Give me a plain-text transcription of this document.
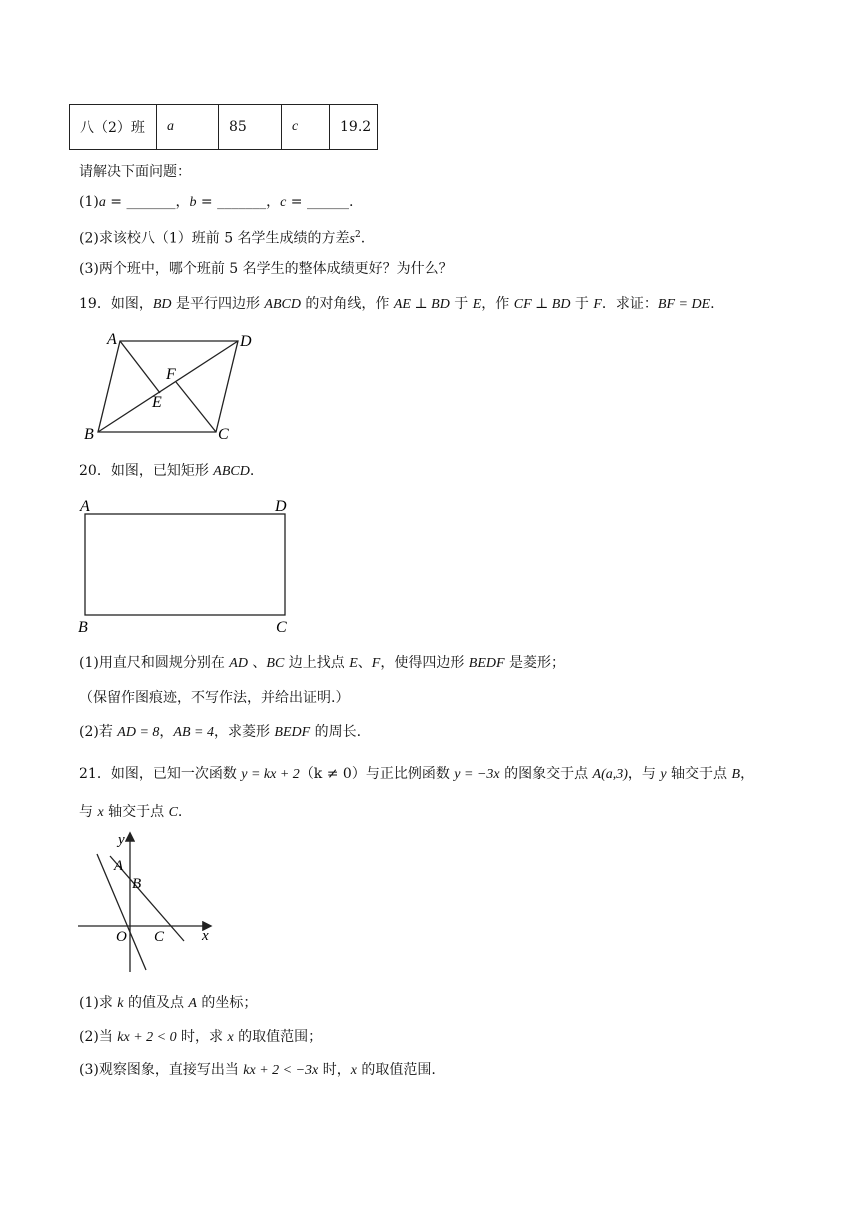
八（2）班	a	85	c	19.2
请解决下面问题：
(1)a = _______，b = _______，c = ______.
(2)求该校八（1）班前 5 名学生成绩的方差$s^2$.
(3)两个班中，哪个班前 5 名学生的整体成绩更好？为什么？
19．如图，BD 是平行四边形 ABCD 的对角线，作 AE ⊥ BD 于 E，作 CF ⊥ BD 于 F．求证：BF = DE.
A	D
F
E
B	C
20．如图，已知矩形 ABCD.
A	D
B	C
(1)用直尺和圆规分别在 AD 、BC 边上找点 E、F，使得四边形 BEDF 是菱形；
（保留作图痕迹，不写作法，并给出证明.）
(2)若 AD = 8，AB = 4，求菱形 BEDF 的周长.
21．如图，已知一次函数 y = kx + 2（k ≠ 0）与正比例函数 y = −3x 的图象交于点 A(a,3)，与 y 轴交于点 B，
与 x 轴交于点 C.
y
A
B
O C	x
(1)求 k 的值及点 A 的坐标；
(2)当 kx + 2 < 0 时，求 x 的取值范围；
(3)观察图象，直接写出当 kx + 2 < −3x 时，x 的取值范围.
